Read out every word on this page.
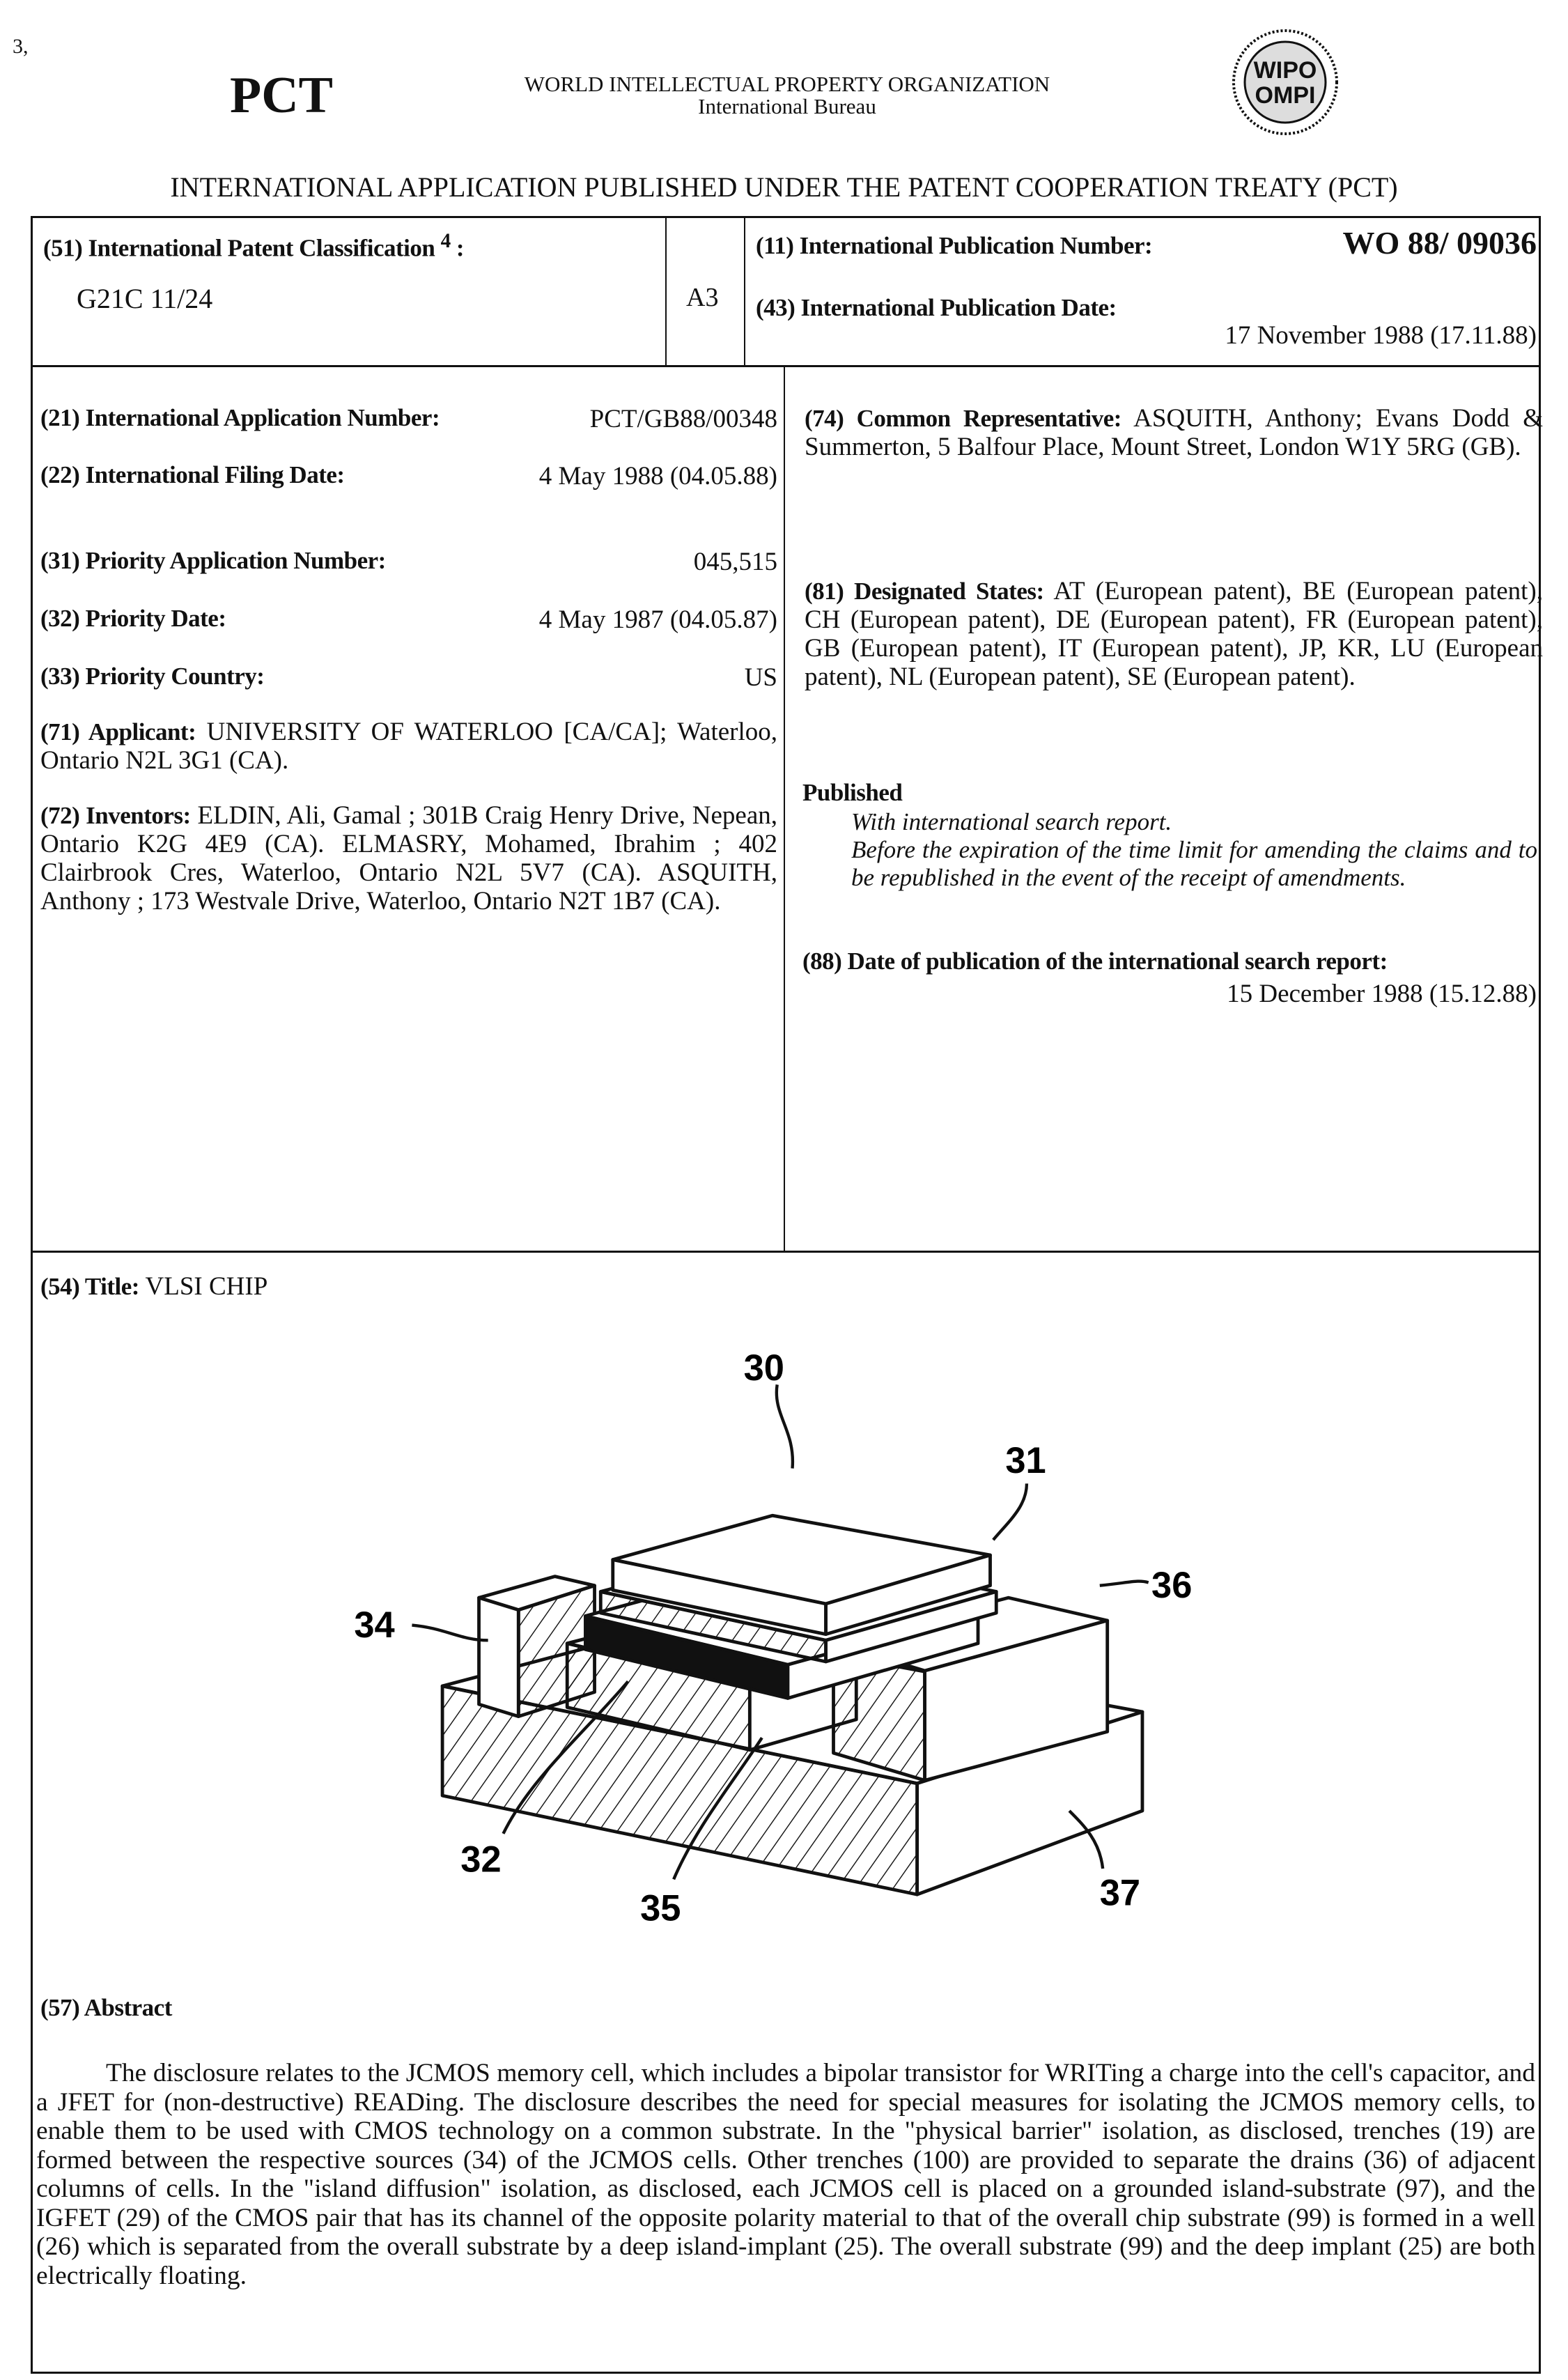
3,
PCT	WORLD INTELLECTUAL PROPERTY ORGANIZATION
International Bureau
WIPO
OMPI
INTERNATIONAL APPLICATION PUBLISHED UNDER THE PATENT COOPERATION TREATY (PCT)
(51) International Patent Classification 4 :
G21C 11/24	A3
(11) International Publication Number:	WO 88/ 09036
(43) International Publication Date:
17 November 1988 (17.11.88)
(21) International Application Number:	PCT/GB88/00348
(22) International Filing Date:	4 May 1988 (04.05.88)
(31) Priority Application Number:	045,515
(32) Priority Date:	4 May 1987 (04.05.87)
(33) Priority Country:	US
(71) Applicant: UNIVERSITY OF WATERLOO [CA/CA]; Waterloo, Ontario N2L 3G1 (CA).
(72) Inventors: ELDIN, Ali, Gamal ; 301B Craig Henry Drive, Nepean, Ontario K2G 4E9 (CA). ELMASRY, Mohamed, Ibrahim ; 402 Clairbrook Cres, Waterloo, Ontario N2L 5V7 (CA). ASQUITH, Anthony ; 173 Westvale Drive, Waterloo, Ontario N2T 1B7 (CA).
(74) Common Representative: ASQUITH, Anthony; Evans Dodd & Summerton, 5 Balfour Place, Mount Street, London W1Y 5RG (GB).
(81) Designated States: AT (European patent), BE (European patent), CH (European patent), DE (European patent), FR (European patent), GB (European patent), IT (European patent), JP, KR, LU (European patent), NL (European patent), SE (European patent).
Published
With international search report.
Before the expiration of the time limit for amending the claims and to be republished in the event of the receipt of amendments.
(88) Date of publication of the international search report:
15 December 1988 (15.12.88)
(54) Title: VLSI CHIP
30
31
36
34
32
35	37
(57) Abstract
The disclosure relates to the JCMOS memory cell, which includes a bipolar transistor for WRITing a charge into the cell's capacitor, and a JFET for (non-destructive) READing. The disclosure describes the need for special measures for isolating the JCMOS memory cells, to enable them to be used with CMOS technology on a common substrate. In the "physical barrier" isolation, as disclosed, trenches (19) are formed between the respective sources (34) of the JCMOS cells. Other trenches (100) are provided to separate the drains (36) of adjacent columns of cells. In the "island diffusion" isolation, as disclosed, each JCMOS cell is placed on a grounded island-substrate (97), and the IGFET (29) of the CMOS pair that has its channel of the opposite polarity material to that of the overall chip substrate (99) is formed in a well (26) which is separated from the overall substrate by a deep island-implant (25). The overall substrate (99) and the deep implant (25) are both electrically floating.
